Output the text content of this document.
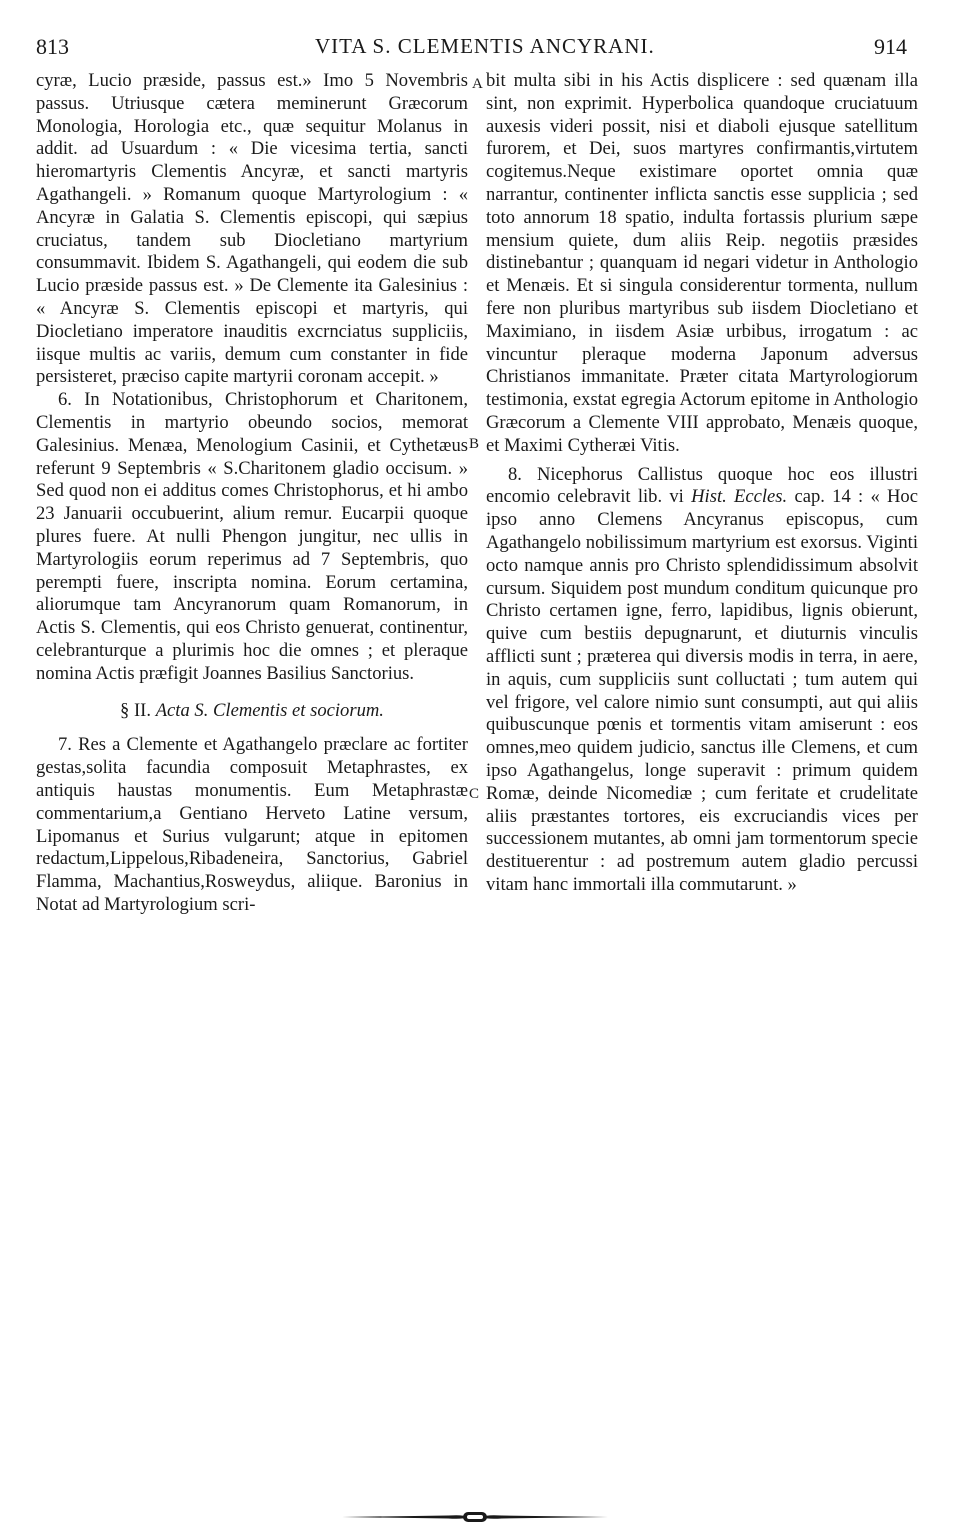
813	VITA S. CLEMENTIS ANCYRANI.	914
A
B
C

cyræ, Lucio præside, passus est.» Imo 5 Novembris passus. Utriusque cætera meminerunt Græcorum Monologia, Horologia etc., quæ sequitur Molanus in addit. ad Usuardum : « Die vicesima tertia, sancti hieromartyris Clementis Ancyræ, et sancti martyris Agathangeli. » Romanum quoque Martyrologium : « Ancyræ in Galatia S. Clementis episcopi, qui sæpius cruciatus, tandem sub Diocletiano martyrium consummavit. Ibidem S. Agathangeli, qui eodem die sub Lucio præside passus est. » De Clemente ita Galesinius : « Ancyræ S. Clementis episcopi et martyris, qui Diocletiano imperatore inauditis excrnciatus suppliciis, iisque multis ac variis, demum cum constanter in fide persisteret, præciso capite martyrii coronam accepit. »

6. In Notationibus, Christophorum et Charitonem, Clementis in martyrio obeundo socios, memorat Galesinius. Menæa, Menologium Casinii, et Cythetæus referunt 9 Septembris « S.Charitonem gladio occisum. » Sed quod non ei additus comes Christophorus, et hi ambo 23 Januarii occubuerint, alium remur. Eucarpii quoque plures fuere. At nulli Phengon jungitur, nec ullis in Martyrologiis eorum reperimus ad 7 Septembris, quo perempti fuere, inscripta nomina. Eorum certamina, aliorumque tam Ancyranorum quam Romanorum, in Actis S. Clementis, qui eos Christo genuerat, continentur, celebranturque a plurimis hoc die omnes ; et pleraque nomina Actis præfigit Joannes Basilius Sanctorius.

§ II. Acta S. Clementis et sociorum.

7. Res a Clemente et Agathangelo præclare ac fortiter gestas,solita facundia composuit Metaphrastes, ex antiquis haustas monumentis. Eum Metaphrastæ commentarium,a Gentiano Herveto Latine versum, Lipomanus et Surius vulgarunt; atque in epitomen redactum,Lippelous,Ribadeneira, Sanctorius, Gabriel Flamma, Machantius,Rosweydus, aliique. Baronius in Notat ad Martyrologium scri-

bit multa sibi in his Actis displicere : sed quænam illa sint, non exprimit. Hyperbolica quandoque cruciatuum auxesis videri possit, nisi et diaboli ejusque satellitum furorem, et Dei, suos martyres confirmantis,virtutem cogitemus.Neque existimare oportet omnia quæ narrantur, continenter inflicta sanctis esse supplicia ; sed toto annorum 18 spatio, indulta fortassis plurium sæpe mensium quiete, dum aliis Reip. negotiis præsides distinebantur ; quanquam id negari videtur in Anthologio et Menæis. Et si singula considerentur tormenta, nullum fere non pluribus martyribus sub iisdem Diocletiano et Maximiano, in iisdem Asiæ urbibus, irrogatum : ac vincuntur pleraque moderna Japonum adversus Christianos immanitate. Præter citata Martyrologiorum testimonia, exstat egregia Actorum epitome in Anthologio Græcorum a Clemente VIII approbato, Menæis quoque, et Maximi Cytheræi Vitis.

8. Nicephorus Callistus quoque hoc eos illustri encomio celebravit lib. vi Hist. Eccles. cap. 14 : « Hoc ipso anno Clemens Ancyranus episcopus, cum Agathangelo nobilissimum martyrium est exorsus. Viginti octo namque annis pro Christo splendidissimum absolvit cursum. Siquidem post mundum conditum quicunque pro Christo certamen igne, ferro, lapidibus, lignis obierunt, quive cum bestiis depugnarunt, et diuturnis vinculis afflicti sunt ; præterea qui diversis modis in terra, in aere, in aquis, cum suppliciis sunt colluctati ; tum autem qui vel frigore, vel calore nimio sunt consumpti, aut qui aliis quibuscunque pœnis et tormentis vitam amiserunt : eos omnes,meo quidem judicio, sanctus ille Clemens, et cum ipso Agathangelus, longe superavit : primum quidem Romæ, deinde Nicomediæ ; cum feritate et crudelitate aliis præstantes tortores, eis excruciandis vices per successionem mutantes, ab omni jam tormentorum specie destituerentur : ad postremum autem gladio percussi vitam hanc immortali illa commutarunt. »
